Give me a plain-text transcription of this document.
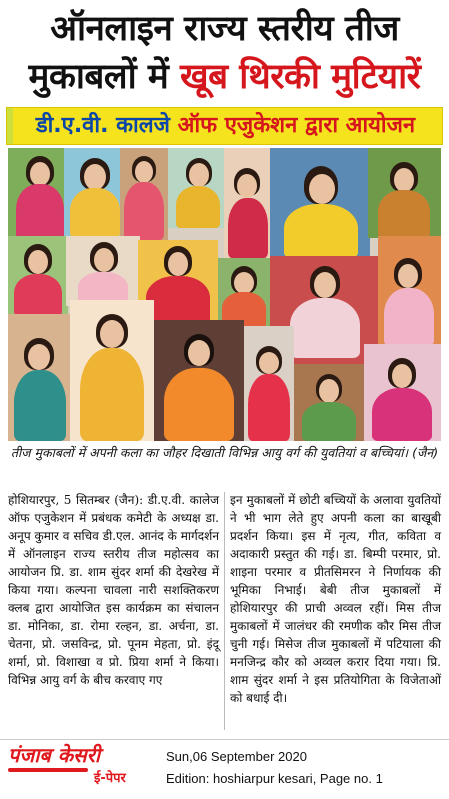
ऑनलाइन राज्य स्तरीय तीज
मुकाबलों में खूब थिरकी मुटियारें
डी.ए.वी. कालजे ऑफ एजुकेशन द्वारा आयोजन
तीज मुकाबलों में अपनी कला का जौहर दिखाती विभिन्न आयु वर्ग की युवतियां व बच्चियां। (जैन)

होशियारपुर, 5 सितम्बर (जैन): डी.ए.वी. कालेज ऑफ एजुकेशन में प्रबंधक कमेटी के अध्यक्ष डा. अनूप कुमार व सचिव डी.एल. आनंद के मार्गदर्शन में ऑनलाइन राज्य स्तरीय तीज महोत्सव का आयोजन प्रि. डा. शाम सुंदर शर्मा की देखरेख में किया गया। कल्पना चावला नारी सशक्तिकरण क्लब द्वारा आयोजित इस कार्यक्रम का संचालन डा. मोनिका, डा. रोमा रल्हन, डा. अर्चना, डा. चेतना, प्रो. जसविन्द्र, प्रो. पूनम मेहता, प्रो. इंदू शर्मा, प्रो. विशाखा व प्रो. प्रिया शर्मा ने किया। विभिन्न आयु वर्ग के बीच करवाए गए

इन मुकाबलों में छोटी बच्चियों के अलावा युवतियों ने भी भाग लेते हुए अपनी कला का बाखूबी प्रदर्शन किया। इस में नृत्य, गीत, कविता व अदाकारी प्रस्तुत की गई। डा. बिम्पी परमार, प्रो. शाइना परमार व प्रीतसिमरन ने निर्णायक की भूमिका निभाई। बेबी तीज मुकाबलों में होशियारपुर की प्राची अव्वल रहीं। मिस तीज मुकाबलों में जालंधर की रमणीक कौर मिस तीज चुनी गई। मिसेज तीज मुकाबलों में पटियाला की मनजिन्द्र कौर को अव्वल करार दिया गया। प्रि. शाम सुंदर शर्मा ने इस प्रतियोगिता के विजेताओं को बधाई दी।

पंजाब केसरी
ई-पेपर
Sun,06 September 2020
Edition: hoshiarpur kesari, Page no. 1
